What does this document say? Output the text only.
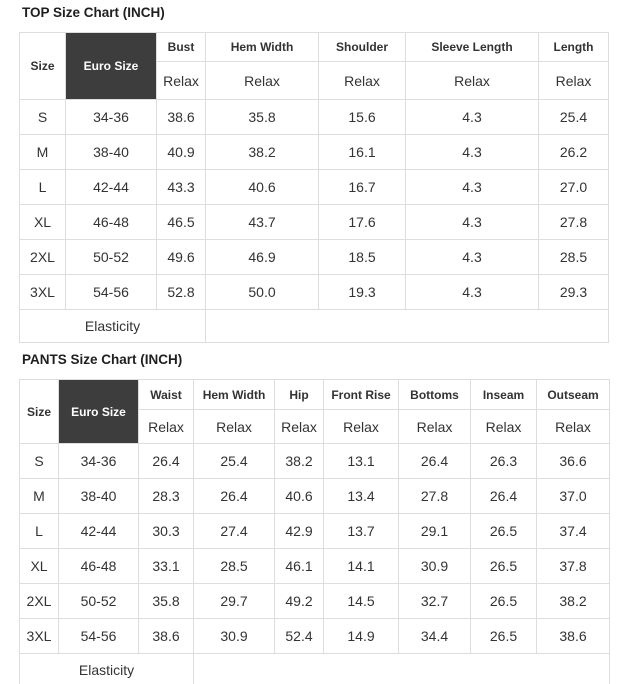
TOP Size Chart (INCH)
Size	Euro Size	Bust	Hem Width	Shoulder	Sleeve Length	Length
		Relax	Relax	Relax	Relax	Relax
S	34-36	38.6	35.8	15.6	4.3	25.4
M	38-40	40.9	38.2	16.1	4.3	26.2
L	42-44	43.3	40.6	16.7	4.3	27.0
XL	46-48	46.5	43.7	17.6	4.3	27.8
2XL	50-52	49.6	46.9	18.5	4.3	28.5
3XL	54-56	52.8	50.0	19.3	4.3	29.3
Elasticity						
PANTS Size Chart (INCH)
Size	Euro Size	Waist	Hem Width	Hip	Front Rise	Bottoms	Inseam	Outseam
		Relax	Relax	Relax	Relax	Relax	Relax	Relax
S	34-36	26.4	25.4	38.2	13.1	26.4	26.3	36.6
M	38-40	28.3	26.4	40.6	13.4	27.8	26.4	37.0
L	42-44	30.3	27.4	42.9	13.7	29.1	26.5	37.4
XL	46-48	33.1	28.5	46.1	14.1	30.9	26.5	37.8
2XL	50-52	35.8	29.7	49.2	14.5	32.7	26.5	38.2
3XL	54-56	38.6	30.9	52.4	14.9	34.4	26.5	38.6
Elasticity								
